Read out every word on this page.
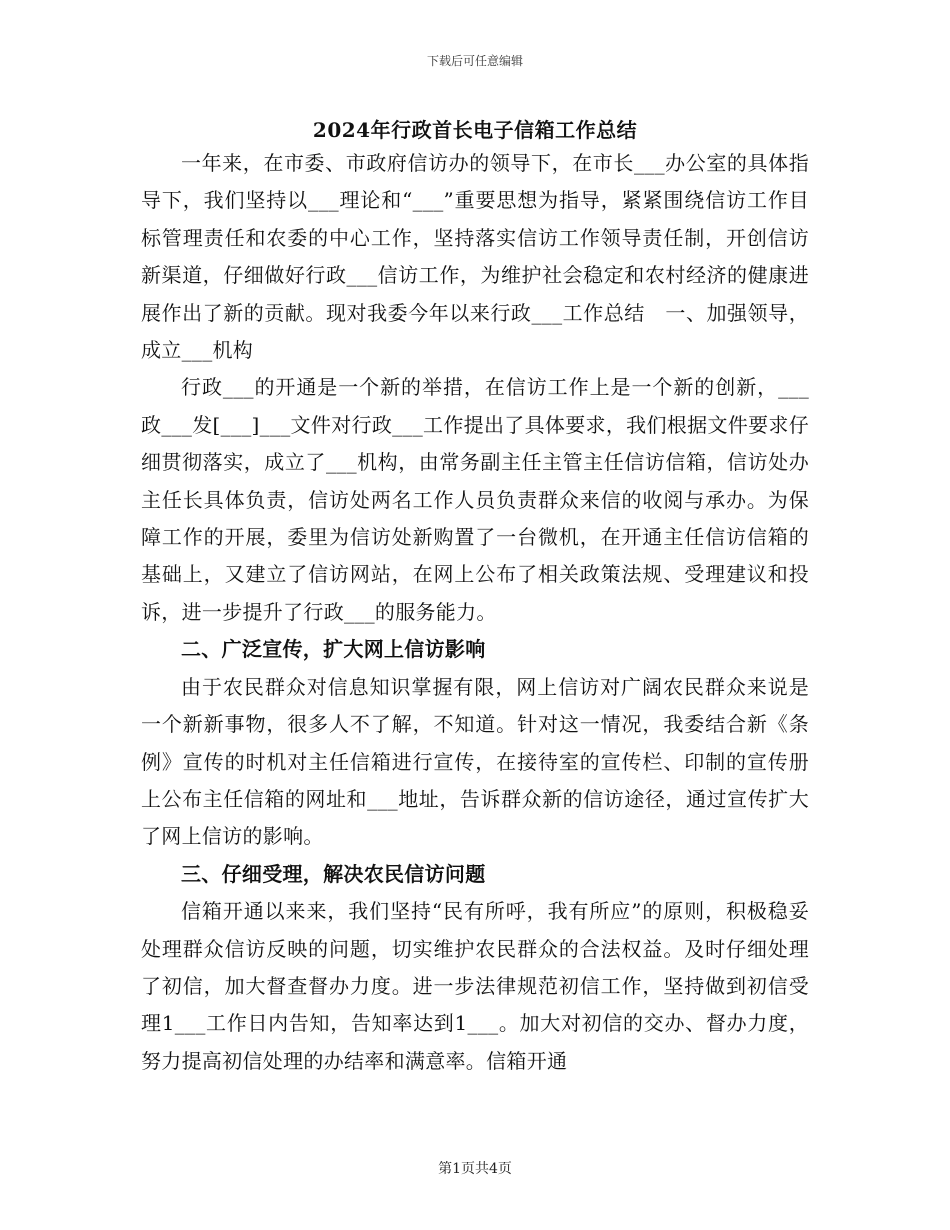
下载后可任意编辑
2024年行政首长电子信箱工作总结

一年来，在市委、市政府信访办的领导下，在市长___办公室的具体指导下，我们坚持以___理论和“___”重要思想为指导，紧紧围绕信访工作目标管理责任和农委的中心工作，坚持落实信访工作领导责任制，开创信访新渠道，仔细做好行政___信访工作，为维护社会稳定和农村经济的健康进展作出了新的贡献。现对我委今年以来行政___工作总结　一、加强领导，成立___机构

行政___的开通是一个新的举措，在信访工作上是一个新的创新，___政___发[___]___文件对行政___工作提出了具体要求，我们根据文件要求仔细贯彻落实，成立了___机构，由常务副主任主管主任信访信箱，信访处办主任长具体负责，信访处两名工作人员负责群众来信的收阅与承办。为保障工作的开展，委里为信访处新购置了一台微机，在开通主任信访信箱的基础上，又建立了信访网站，在网上公布了相关政策法规、受理建议和投诉，进一步提升了行政___的服务能力。

二、广泛宣传，扩大网上信访影响

由于农民群众对信息知识掌握有限，网上信访对广阔农民群众来说是一个新新事物，很多人不了解，不知道。针对这一情况，我委结合新《条例》宣传的时机对主任信箱进行宣传，在接待室的宣传栏、印制的宣传册上公布主任信箱的网址和___地址，告诉群众新的信访途径，通过宣传扩大了网上信访的影响。

三、仔细受理，解决农民信访问题

信箱开通以来来，我们坚持“民有所呼，我有所应”的原则，积极稳妥处理群众信访反映的问题，切实维护农民群众的合法权益。及时仔细处理了初信，加大督查督办力度。进一步法律规范初信工作，坚持做到初信受理1___工作日内告知，告知率达到1___。加大对初信的交办、督办力度，努力提高初信处理的办结率和满意率。信箱开通

第1页共4页
